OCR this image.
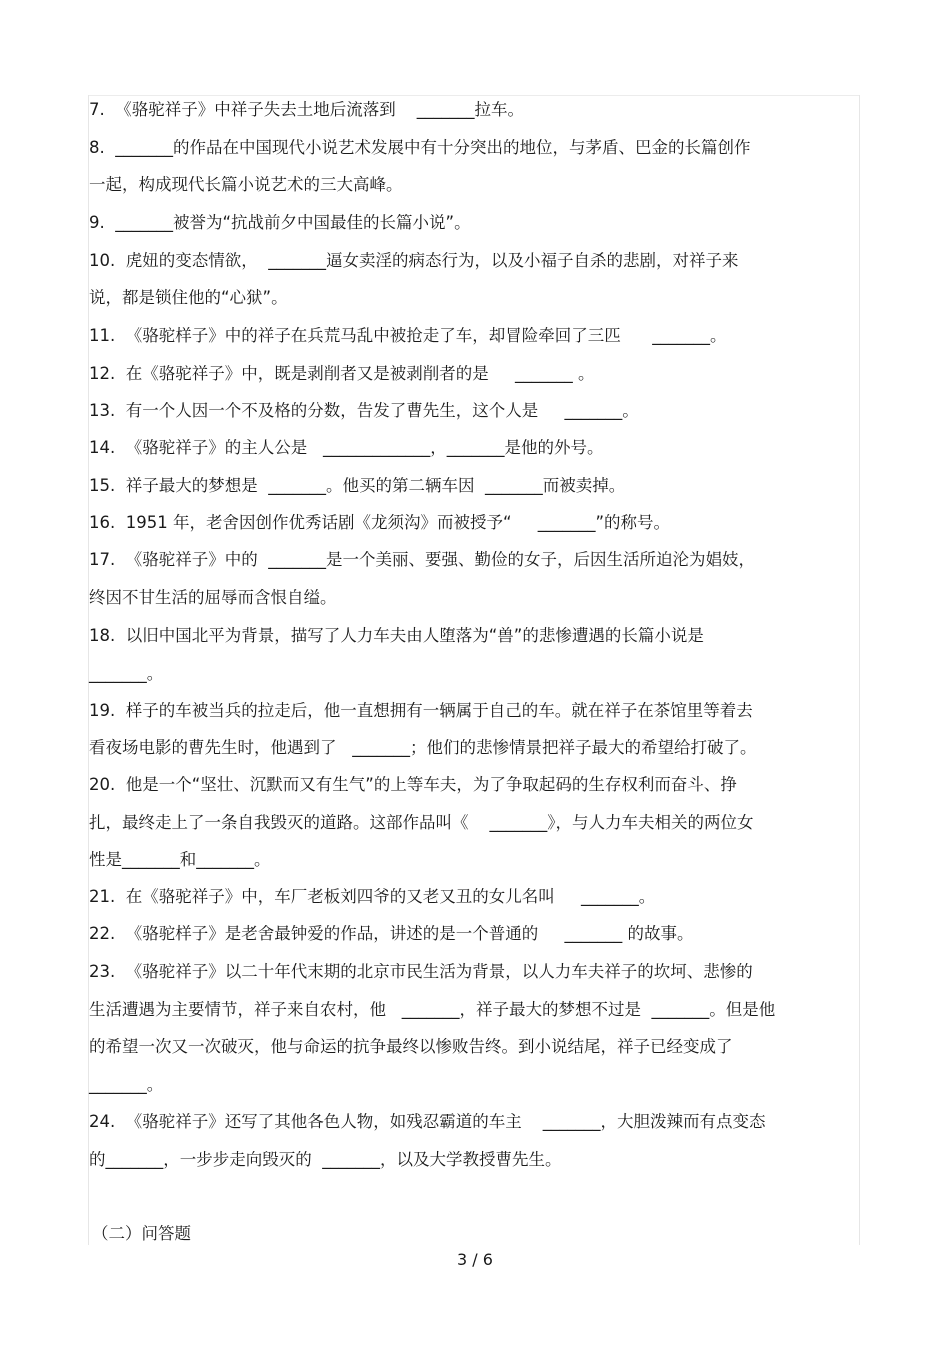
7.  《骆驼祥子》中祥子失去土地后流落到    _______拉车。
8.  _______的作品在中国现代小说艺术发展中有十分突出的地位，与茅盾、巴金的长篇创作
一起，构成现代长篇小说艺术的三大高峰。
9.  _______被誉为“抗战前夕中国最佳的长篇小说”。
10.  虎妞的变态情欲，  _______逼女卖淫的病态行为，以及小福子自杀的悲剧，对祥子来
说，都是锁住他的“心狱”。
11.  《骆驼样子》中的祥子在兵荒马乱中被抢走了车，却冒险牵回了三匹      _______。
12.  在《骆驼祥子》中，既是剥削者又是被剥削者的是     _______ 。
13.  有一个人因一个不及格的分数，告发了曹先生，这个人是     _______。
14.  《骆驼祥子》的主人公是   _____________，_______是他的外号。
15.  祥子最大的梦想是  _______。他买的第二辆车因  _______而被卖掉。
16.  1951 年，老舍因创作优秀话剧《龙须沟》而被授予“     _______”的称号。
17.  《骆驼祥子》中的  _______是一个美丽、要强、勤俭的女子，后因生活所迫沦为娼妓，
终因不甘生活的屈辱而含恨自缢。
18.  以旧中国北平为背景，描写了人力车夫由人堕落为“兽”的悲惨遭遇的长篇小说是
_______。
19.  样子的车被当兵的拉走后，他一直想拥有一辆属于自己的车。就在祥子在茶馆里等着去
看夜场电影的曹先生时，他遇到了   _______；他们的悲惨情景把祥子最大的希望给打破了。
20.  他是一个“坚壮、沉默而又有生气”的上等车夫，为了争取起码的生存权利而奋斗、挣
扎，最终走上了一条自我毁灭的道路。这部作品叫《    _______》，与人力车夫相关的两位女
性是_______和_______。
21.  在《骆驼祥子》中，车厂老板刘四爷的又老又丑的女儿名叫     _______。
22.  《骆驼样子》是老舍最钟爱的作品，讲述的是一个普通的     _______ 的故事。
23.  《骆驼祥子》以二十年代末期的北京市民生活为背景，以人力车夫祥子的坎坷、悲惨的
生活遭遇为主要情节，祥子来自农村，他   _______，祥子最大的梦想不过是  _______。但是他
的希望一次又一次破灭，他与命运的抗争最终以惨败告终。到小说结尾，祥子已经变成了
_______。
24.  《骆驼祥子》还写了其他各色人物，如残忍霸道的车主    _______，大胆泼辣而有点变态
的_______，一步步走向毁灭的  _______，以及大学教授曹先生。
（二）问答题
3 / 6
